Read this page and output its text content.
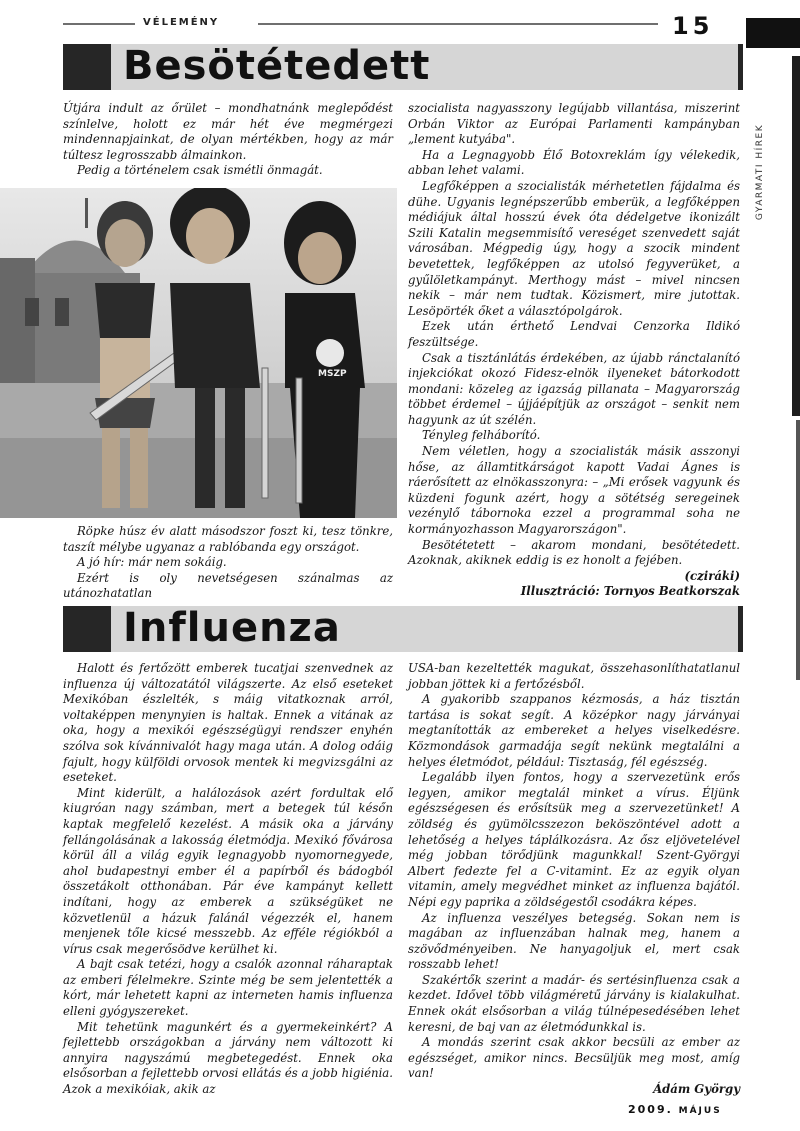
VÉLEMÉNY	15
GYARMATI HÍREK
Besötétedett

Útjára indult az őrület – mondhatnánk meglepődést színlelve, holott ez már hét éve megmérgezi mindennapjainkat, de olyan mértékben, hogy az már túltesz legrosszabb álmainkon.

Pedig a történelem csak ismétli önmagát.

MSZP

Röpke húsz év alatt másodszor foszt ki, tesz tönkre, taszít mélybe ugyanaz a rablóbanda egy országot.

A jó hír: már nem sokáig.

Ezért is oly nevetségesen szánalmas az utánozhatatlan

szocialista nagyasszony legújabb villantása, miszerint Orbán Viktor az Európai Parlamenti kampányban „lement kutyába".

Ha a Legnagyobb Élő Botoxreklám így vélekedik, abban lehet valami.

Legfőképpen a szocialisták mérhetetlen fájdalma és dühe. Ugyanis legnépszerűbb emberük, a legfőképpen médiájuk által hosszú évek óta dédelgetve ikonizált Szili Katalin megsemmisítő vereséget szenvedett saját városában. Mégpedig úgy, hogy a szocik mindent bevetettek, legfőképpen az utolsó fegyverüket, a gyűlöletkampányt. Merthogy mást – mivel nincsen nekik – már nem tudtak. Közismert, mire jutottak. Lesöpörték őket a választópolgárok.

Ezek után érthető Lendvai Cenzorka Ildikó feszültsége.

Csak a tisztánlátás érdekében, az újabb ránctalanító injekciókat okozó Fidesz-elnök ilyeneket bátorkodott mondani: közeleg az igazság pillanata – Magyarország többet érdemel – újjáépítjük az országot – senkit nem hagyunk az út szélén.

Tényleg felháborító.

Nem véletlen, hogy a szocialisták másik asszonyi hőse, az államtitkárságot kapott Vadai Ágnes is ráerősített az elnökasszonyra: – „Mi erősek vagyunk és küzdeni fogunk azért, hogy a sötétség seregeinek vezénylő tábornoka ezzel a programmal soha ne kormányozhasson Magyarországon".

Besötétetett – akarom mondani, besötétedett. Azoknak, akiknek eddig is ez honolt a fejében.

(cziráki)

Illusztráció: Tornyos Beatkorszak

Influenza

Halott és fertőzött emberek tucatjai szenvednek az influenza új változatától világszerte. Az első eseteket Mexikóban észlelték, s máig vitatkoznak arról, voltaképpen menynyien is haltak. Ennek a vitának az oka, hogy a mexikói egészségügyi rendszer enyhén szólva sok kívánnivalót hagy maga után. A dolog odáig fajult, hogy külföldi orvosok mentek ki megvizsgálni az eseteket.

Mint kiderült, a halálozások azért fordultak elő kiugróan nagy számban, mert a betegek túl későn kaptak megfelelő kezelést. A másik oka a járvány fellángolásának a lakosság életmódja. Mexikó fővárosa körül áll a világ egyik legnagyobb nyomornegyede, ahol budapestnyi ember él a papírből és bádogból összetákolt otthonában. Pár éve kampányt kellett indítani, hogy az emberek a szükségüket ne közvetlenül a házuk falánál végezzék el, hanem menjenek tőle kicsé messzebb. Az efféle régiókból a vírus csak megerősödve kerülhet ki.

A bajt csak tetézi, hogy a csalók azonnal ráharaptak az emberi félelmekre. Szinte még be sem jelentették a kórt, már lehetett kapni az interneten hamis influenza elleni gyógyszereket.

Mit tehetünk magunkért és a gyermekeinkért? A fejlettebb országokban a járvány nem változott ki annyira nagyszámú megbetegedést. Ennek oka elsősorban a fejlettebb orvosi ellátás és a jobb higiénia. Azok a mexikóiak, akik az

USA-ban kezeltették magukat, összehasonlíthatatlanul jobban jöttek ki a fertőzésből.

A gyakoribb szappanos kézmosás, a ház tisztán tartása is sokat segít. A középkor nagy járványai megtanították az embereket a helyes viselkedésre. Közmondások garmadája segít nekünk megtalálni a helyes életmódot, például: Tisztaság, fél egészség.

Legalább ilyen fontos, hogy a szervezetünk erős legyen, amikor megtalál minket a vírus. Éljünk egészségesen és erősítsük meg a szervezetünket! A zöldség és gyümölcsszezon beköszöntével adott a lehetőség a helyes táplálkozásra. Az ősz eljövetelével még jobban törődjünk magunkkal! Szent-Györgyi Albert fedezte fel a C-vitamint. Ez az egyik olyan vitamin, amely megvédhet minket az influenza bajától. Népi egy paprika a zöldségestől csodákra képes.

Az influenza veszélyes betegség. Sokan nem is magában az influenzában halnak meg, hanem a szövődményeiben. Ne hanyagoljuk el, mert csak rosszabb lehet!

Szakértők szerint a madár- és sertésinfluenza csak a kezdet. Idővel több világméretű járvány is kialakulhat. Ennek okát elsősorban a világ túlnépesedésében lehet keresni, de baj van az életmódunkkal is.

A mondás szerint csak akkor becsüli az ember az egészséget, amikor nincs. Becsüljük meg most, amíg van!

Ádám György

2009. MÁJUS
